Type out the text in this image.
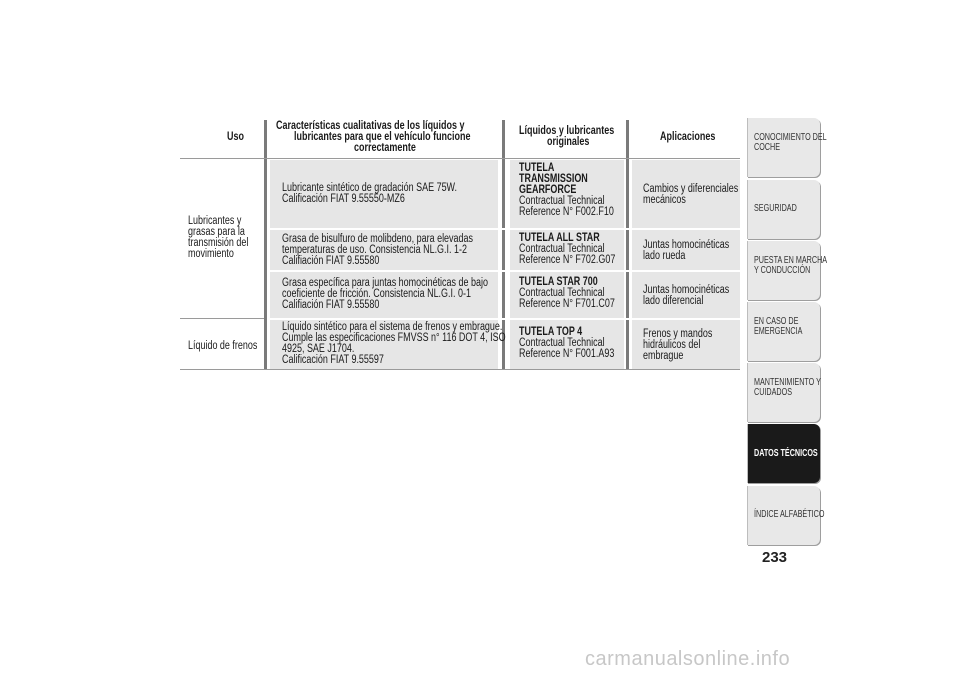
Uso
Características cualitativas de los líquidos y
lubricantes para que el vehículo funcione
correctamente
Líquidos y lubricantes
originales	Aplicaciones
Lubricantes y
grasas para la
transmisión del
movimiento
Líquido de frenos
Lubricante sintético de gradación SAE 75W.
Calificación FIAT 9.55550-MZ6
TUTELA
TRANSMISSION
GEARFORCE
Contractual Technical
Reference N° F002.F10
Cambios y diferenciales
mecánicos
Grasa de bisulfuro de molibdeno, para elevadas
temperaturas de uso. Consistencia NL.G.I. 1-2
Califiación FIAT 9.55580
TUTELA ALL STAR
Contractual Technical
Reference N° F702.G07
Juntas homocinéticas
lado rueda
Grasa específica para juntas homocinéticas de bajo
coeficiente de fricción. Consistencia NL.G.I. 0-1
Califiación FIAT 9.55580
TUTELA STAR 700
Contractual Technical
Reference N° F701.C07
Juntas homocinéticas
lado diferencial
Líquido sintético para el sistema de frenos y embrague.
Cumple las especificaciones FMVSS n° 116 DOT 4, ISO
4925, SAE J1704.
Calificación FIAT 9.55597
TUTELA TOP 4
Contractual Technical
Reference N° F001.A93
Frenos y mandos
hidráulicos del
embrague
CONOCIMIENTO DEL
COCHE
SEGURIDAD
PUESTA EN MARCHA
Y CONDUCCIÓN
EN CASO DE
EMERGENCIA
MANTENIMIENTO Y
CUIDADOS
DATOS TÉCNICOS
ÍNDICE ALFABÉTICO
233
carmanualsonline.info
